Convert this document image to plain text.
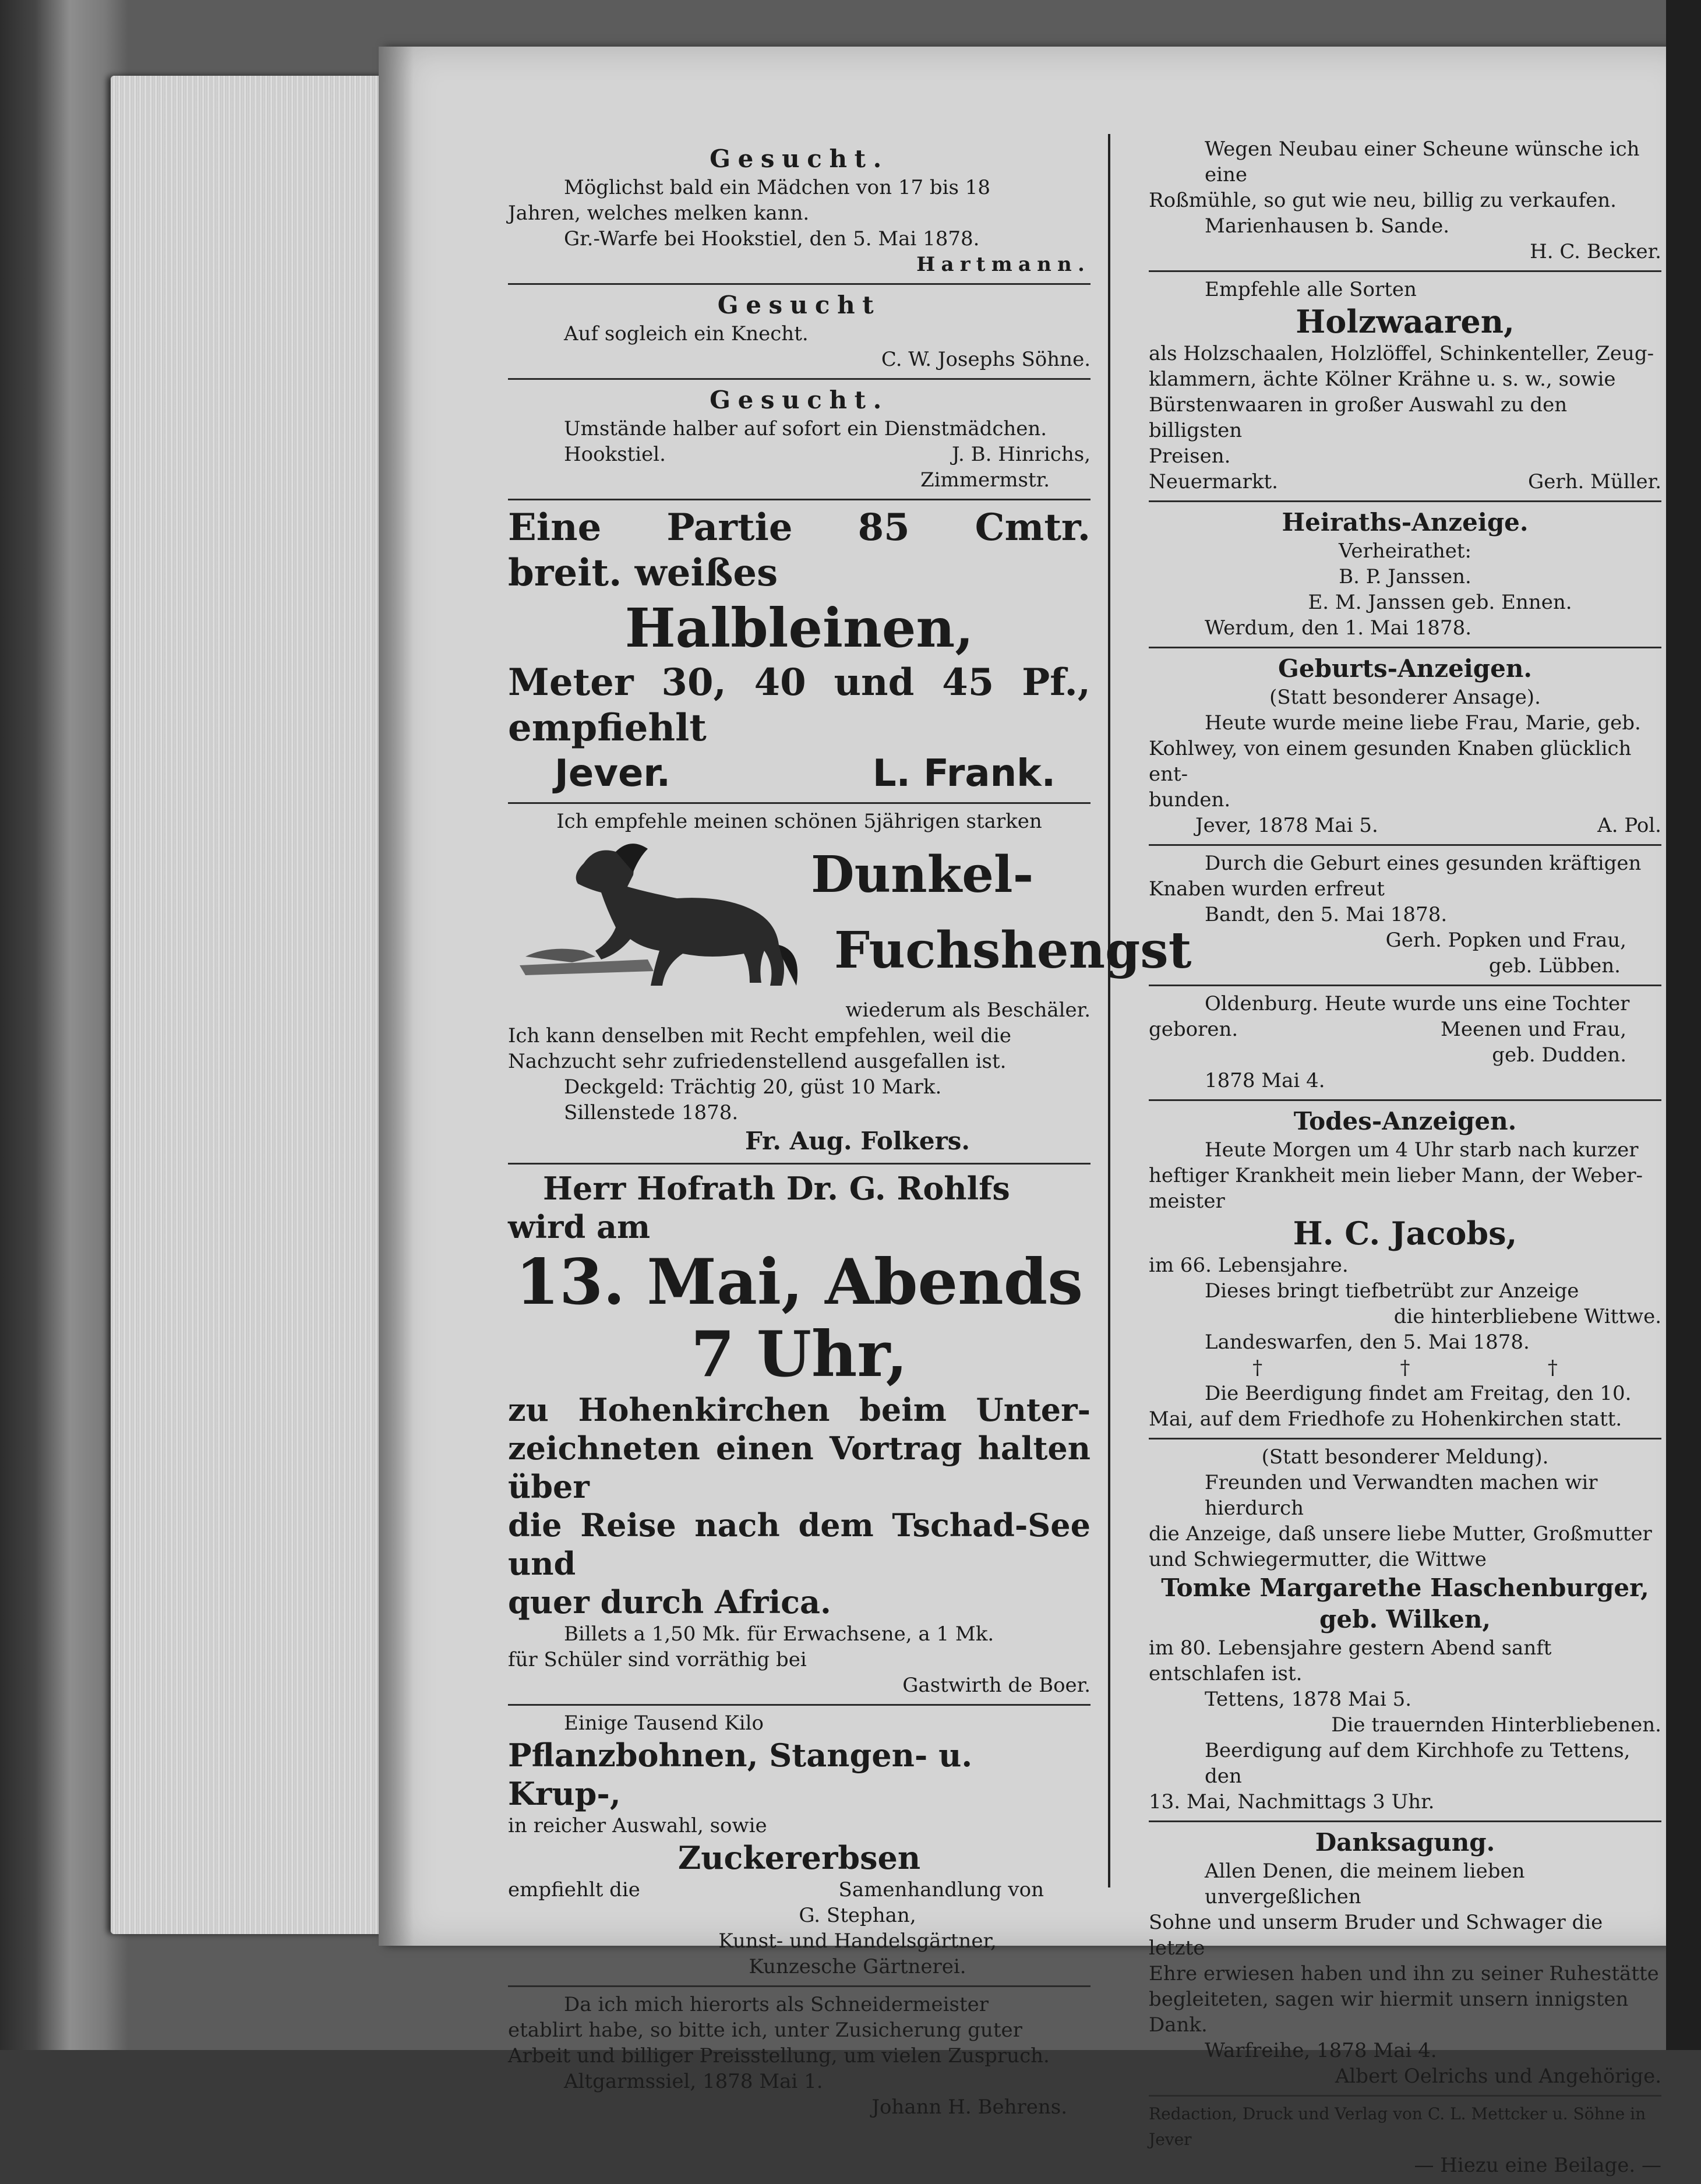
Gesucht.
Möglichst bald ein Mädchen von 17 bis 18
Jahren, welches melken kann.
Gr.-Warfe bei Hookstiel, den 5. Mai 1878.
Hartmann.
Gesucht
Auf sogleich ein Knecht.
C. W. Josephs Söhne.
Gesucht.
Umstände halber auf sofort ein Dienstmädchen.
Hookstiel.	J. B. Hinrichs,
Zimmermstr.
Eine Partie 85 Cmtr.
breit. weißes
Halbleinen,
Meter 30, 40 und 45 Pf.,
empfiehlt
Jever.	L. Frank.
Ich empfehle meinen schönen 5jährigen starken
Dunkel-
Fuchshengst
wiederum als Beschäler.
Ich kann denselben mit Recht empfehlen, weil die
Nachzucht sehr zufriedenstellend ausgefallen ist.
Deckgeld: Trächtig 20, güst 10 Mark.
Sillenstede 1878.
Fr. Aug. Folkers.
Herr Hofrath Dr. G. Rohlfs
wird am
13. Mai, Abends 7 Uhr,
zu Hohenkirchen beim Unter-
zeichneten einen Vortrag halten über
die Reise nach dem Tschad-See und
quer durch Africa.
Billets a 1,50 Mk. für Erwachsene, a 1 Mk.
für Schüler sind vorräthig bei
Gastwirth de Boer.
Einige Tausend Kilo
Pflanzbohnen, Stangen- u. Krup-,
in reicher Auswahl, sowie
Zuckererbsen
empfiehlt die	Samenhandlung von
G. Stephan,
Kunst- und Handelsgärtner,
Kunzesche Gärtnerei.
Da ich mich hierorts als Schneidermeister
etablirt habe, so bitte ich, unter Zusicherung guter
Arbeit und billiger Preisstellung, um vielen Zuspruch.
Altgarmssiel, 1878 Mai 1.
Johann H. Behrens.
Wegen Neubau einer Scheune wünsche ich eine
Roßmühle, so gut wie neu, billig zu verkaufen.
Marienhausen b. Sande.
H. C. Becker.
Empfehle alle Sorten
Holzwaaren,
als Holzschaalen, Holzlöffel, Schinkenteller, Zeug-
klammern, ächte Kölner Krähne u. s. w., sowie
Bürstenwaaren in großer Auswahl zu den billigsten
Preisen.
Neuermarkt.	Gerh. Müller.
Heiraths-Anzeige.
Verheirathet:
B. P. Janssen.
E. M. Janssen geb. Ennen.
Werdum, den 1. Mai 1878.
Geburts-Anzeigen.
(Statt besonderer Ansage).
Heute wurde meine liebe Frau, Marie, geb.
Kohlwey, von einem gesunden Knaben glücklich ent-
bunden.
Jever, 1878 Mai 5.	A. Pol.
Durch die Geburt eines gesunden kräftigen
Knaben wurden erfreut
Bandt, den 5. Mai 1878.
Gerh. Popken und Frau,
geb. Lübben.
Oldenburg. Heute wurde uns eine Tochter
geboren.	Meenen und Frau,
geb. Dudden.
1878 Mai 4.
Todes-Anzeigen.
Heute Morgen um 4 Uhr starb nach kurzer
heftiger Krankheit mein lieber Mann, der Weber-
meister
H. C. Jacobs,
im 66. Lebensjahre.
Dieses bringt tiefbetrübt zur Anzeige
die hinterbliebene Wittwe.
Landeswarfen, den 5. Mai 1878.
†	†	†
Die Beerdigung findet am Freitag, den 10.
Mai, auf dem Friedhofe zu Hohenkirchen statt.
(Statt besonderer Meldung).
Freunden und Verwandten machen wir hierdurch
die Anzeige, daß unsere liebe Mutter, Großmutter
und Schwiegermutter, die Wittwe
Tomke Margarethe Haschenburger,
geb. Wilken,
im 80. Lebensjahre gestern Abend sanft entschlafen ist.
Tettens, 1878 Mai 5.
Die trauernden Hinterbliebenen.
Beerdigung auf dem Kirchhofe zu Tettens, den
13. Mai, Nachmittags 3 Uhr.
Danksagung.
Allen Denen, die meinem lieben unvergeßlichen
Sohne und unserm Bruder und Schwager die letzte
Ehre erwiesen haben und ihn zu seiner Ruhestätte
begleiteten, sagen wir hiermit unsern innigsten Dank.
Warfreihe, 1878 Mai 4.
Albert Oelrichs und Angehörige.
Redaction, Druck und Verlag von C. L. Mettcker u. Söhne in Jever
— Hiezu eine Beilage. —
